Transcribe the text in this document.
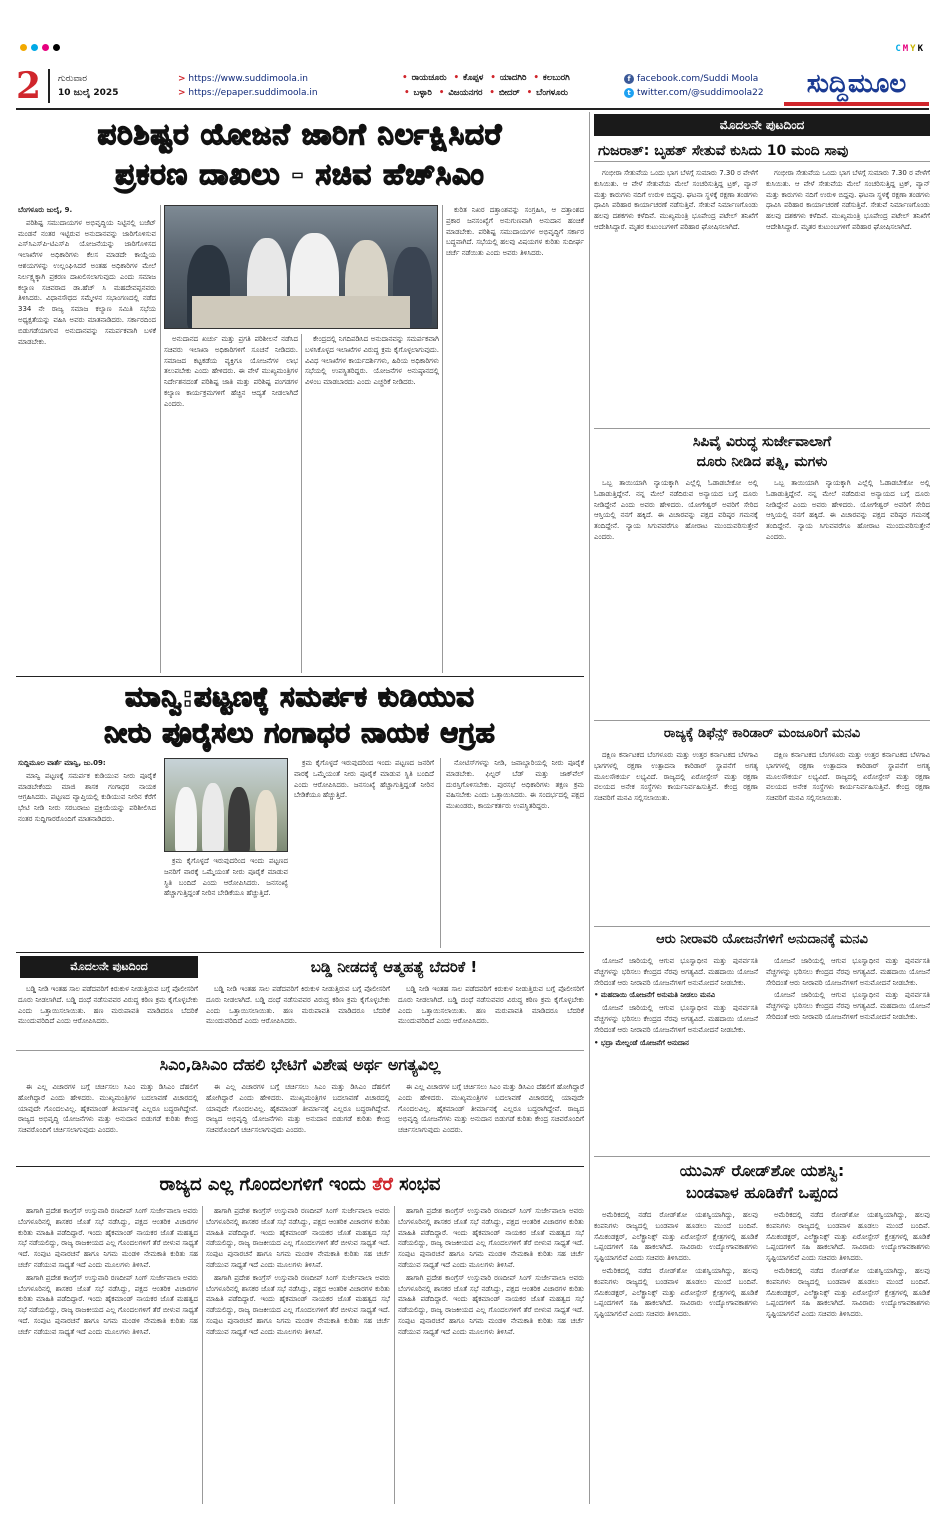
CMYK
2	ಗುರುವಾರ
10 ಜುಲೈ 2025
> https://www.suddimoola.in
> https://epaper.suddimoola.in
• ರಾಯಚೂರು • ಕೊಪ್ಪಳ • ಯಾದಗಿರಿ • ಕಲಬುರಗಿ
• ಬಳ್ಳಾರಿ • ವಿಜಯನಗರ • ಬೀದರ್ • ಬೆಂಗಳೂರು
f facebook.com/Suddi Moola
t twitter.com/@suddimoola22	ಸುದ್ದಿಮೂಲ
ಪರಿಶಿಷ್ಟರ ಯೋಜನೆ ಜಾರಿಗೆ ನಿರ್ಲಕ್ಷಿಸಿದರೆ
ಪ್ರಕರಣ ದಾಖಲು - ಸಚಿವ ಹೆಚ್‌ಸಿಎಂ

ಬೆಂಗಳೂರು ಜುಲೈ, 9.

ಪರಿಶಿಷ್ಟ ಸಮುದಾಯಗಳ ಅಭಿವೃದ್ಧಿಯ ನಿಟ್ಟಿನಲ್ಲಿ ಬಜೆಟ್ ಮಂಡನೆ ನಂತರ ಇಟ್ಟಿರುವ ಅನುದಾನವನ್ನು ಜಾರಿಗೊಳಿಸುವ ಎಸ್‌ಸಿಎಸ್‌ಪಿ-ಟಿಎಸ್‌ಪಿ ಯೋಜನೆಯನ್ನು ಜಾರಿಗೊಳಿಸದ ಇಲಾಖೆಗಳ ಅಧಿಕಾರಿಗಳು ಕೆಲಸ ಮಾಡದೇ ಕಾಯ್ದೆಯ ಆಶಯಗಳನ್ನು ಉಲ್ಲಂಘಿಸಿದರೆ ಅಂತಹ ಅಧಿಕಾರಿಗಳ ಮೇಲೆ ನಿರ್ಲಕ್ಷ್ಯಕ್ಕಾಗಿ ಪ್ರಕರಣ ದಾಖಲಿಸಲಾಗುವುದು ಎಂದು ಸಮಾಜ ಕಲ್ಯಾಣ ಸಚಿವರಾದ ಡಾ.ಹೆಚ್ ಸಿ ಮಹದೇವಪ್ಪನವರು ತಿಳಿಸಿದರು. ವಿಧಾನಸೌಧದ ಸಮ್ಮೇಳನ ಸಭಾಂಗಣದಲ್ಲಿ ನಡೆದ 334 ನೇ ರಾಜ್ಯ ಸಮಾಜ ಕಲ್ಯಾಣ ಸಮಿತಿ ಸಭೆಯ ಅಧ್ಯಕ್ಷತೆಯನ್ನು ವಹಿಸಿ ಅವರು ಮಾತನಾಡಿದರು. ಸರ್ಕಾರದಿಂದ ಬಿಡುಗಡೆಯಾಗುವ ಅನುದಾನವನ್ನು ಸಮರ್ಪಕವಾಗಿ ಬಳಕೆ ಮಾಡಬೇಕು.	ಅನುದಾನದ ಖರ್ಚು ಮತ್ತು ಪ್ರಗತಿ ಪರಿಶೀಲನೆ ನಡೆಸಿದ ಸಚಿವರು ಇಲಾಖಾ ಅಧಿಕಾರಿಗಳಿಗೆ ಸೂಚನೆ ನೀಡಿದರು. ಸಮಾಜದ ಕಟ್ಟಕಡೆಯ ವ್ಯಕ್ತಿಗೂ ಯೋಜನೆಗಳ ಲಾಭ ತಲುಪಬೇಕು ಎಂದು ಹೇಳಿದರು. ಈ ವೇಳೆ ಮುಖ್ಯಮಂತ್ರಿಗಳ ನಿರ್ದೇಶನದಂತೆ ಪರಿಶಿಷ್ಟ ಜಾತಿ ಮತ್ತು ಪರಿಶಿಷ್ಟ ಪಂಗಡಗಳ ಕಲ್ಯಾಣ ಕಾರ್ಯಕ್ರಮಗಳಿಗೆ ಹೆಚ್ಚಿನ ಆದ್ಯತೆ ನೀಡಲಾಗಿದೆ ಎಂದರು.

ಕೇಂದ್ರದಲ್ಲಿ ನಿಗದಿಪಡಿಸಿದ ಅನುದಾನವನ್ನು ಸಮರ್ಪಕವಾಗಿ ಬಳಸಿಕೊಳ್ಳದ ಇಲಾಖೆಗಳ ವಿರುದ್ಧ ಕ್ರಮ ಕೈಗೊಳ್ಳಲಾಗುವುದು. ವಿವಿಧ ಇಲಾಖೆಗಳ ಕಾರ್ಯದರ್ಶಿಗಳು, ಹಿರಿಯ ಅಧಿಕಾರಿಗಳು ಸಭೆಯಲ್ಲಿ ಉಪಸ್ಥಿತರಿದ್ದರು. ಯೋಜನೆಗಳ ಅನುಷ್ಠಾನದಲ್ಲಿ ವಿಳಂಬ ಮಾಡಬಾರದು ಎಂದು ಎಚ್ಚರಿಕೆ ನೀಡಿದರು.

ಕುರಿತ ನಿಖರ ದತ್ತಾಂಶವನ್ನು ಸಂಗ್ರಹಿಸಿ, ಆ ದತ್ತಾಂಶದ ಪ್ರಕಾರ ಜನಸಂಖ್ಯೆಗೆ ಅನುಗುಣವಾಗಿ ಅನುದಾನ ಹಂಚಿಕೆ ಮಾಡಬೇಕು. ಪರಿಶಿಷ್ಟ ಸಮುದಾಯಗಳ ಅಭಿವೃದ್ಧಿಗೆ ಸರ್ಕಾರ ಬದ್ಧವಾಗಿದೆ. ಸಭೆಯಲ್ಲಿ ಹಲವು ವಿಷಯಗಳ ಕುರಿತು ಸುದೀರ್ಘ ಚರ್ಚೆ ನಡೆಯಿತು ಎಂದು ಅವರು ತಿಳಿಸಿದರು.

ಮೊದಲನೇ ಪುಟದಿಂದ
ಗುಜರಾತ್: ಬೃಹತ್ ಸೇತುವೆ ಕುಸಿದು 10 ಮಂದಿ ಸಾವು

ಗಂಭೀರಾ ಸೇತುವೆಯ ಒಂದು ಭಾಗ ಬೆಳಗ್ಗೆ ಸುಮಾರು 7.30 ರ ವೇಳೆಗೆ ಕುಸಿಯಿತು. ಆ ವೇಳೆ ಸೇತುವೆಯ ಮೇಲೆ ಸಂಚರಿಸುತ್ತಿದ್ದ ಟ್ರಕ್, ವ್ಯಾನ್ ಮತ್ತು ಕಾರುಗಳು ನದಿಗೆ ಉರುಳಿ ಬಿದ್ದವು. ಘಟನಾ ಸ್ಥಳಕ್ಕೆ ರಕ್ಷಣಾ ತಂಡಗಳು ಧಾವಿಸಿ ಪರಿಹಾರ ಕಾರ್ಯಾಚರಣೆ ನಡೆಸುತ್ತಿವೆ. ಸೇತುವೆ ನಿರ್ಮಾಣಗೊಂಡು ಹಲವು ದಶಕಗಳು ಕಳೆದಿವೆ. ಮುಖ್ಯಮಂತ್ರಿ ಭೂಪೇಂದ್ರ ಪಟೇಲ್ ತನಿಖೆಗೆ ಆದೇಶಿಸಿದ್ದಾರೆ. ಮೃತರ ಕುಟುಂಬಗಳಿಗೆ ಪರಿಹಾರ ಘೋಷಿಸಲಾಗಿದೆ.

ಗಂಭೀರಾ ಸೇತುವೆಯ ಒಂದು ಭಾಗ ಬೆಳಗ್ಗೆ ಸುಮಾರು 7.30 ರ ವೇಳೆಗೆ ಕುಸಿಯಿತು. ಆ ವೇಳೆ ಸೇತುವೆಯ ಮೇಲೆ ಸಂಚರಿಸುತ್ತಿದ್ದ ಟ್ರಕ್, ವ್ಯಾನ್ ಮತ್ತು ಕಾರುಗಳು ನದಿಗೆ ಉರುಳಿ ಬಿದ್ದವು. ಘಟನಾ ಸ್ಥಳಕ್ಕೆ ರಕ್ಷಣಾ ತಂಡಗಳು ಧಾವಿಸಿ ಪರಿಹಾರ ಕಾರ್ಯಾಚರಣೆ ನಡೆಸುತ್ತಿವೆ. ಸೇತುವೆ ನಿರ್ಮಾಣಗೊಂಡು ಹಲವು ದಶಕಗಳು ಕಳೆದಿವೆ. ಮುಖ್ಯಮಂತ್ರಿ ಭೂಪೇಂದ್ರ ಪಟೇಲ್ ತನಿಖೆಗೆ ಆದೇಶಿಸಿದ್ದಾರೆ. ಮೃತರ ಕುಟುಂಬಗಳಿಗೆ ಪರಿಹಾರ ಘೋಷಿಸಲಾಗಿದೆ.

ಸಿಪಿವೈ ವಿರುದ್ಧ ಸುರ್ಜೇವಾಲಾಗೆ
ದೂರು ನೀಡಿದ ಪತ್ನಿ, ಮಗಳು

ಒಬ್ಬ ತಾಯಿಯಾಗಿ ನ್ಯಾಯಕ್ಕಾಗಿ ಎಲ್ಲೆಲ್ಲಿ ಓಡಾಡಬೇಕೋ ಅಲ್ಲಿ ಓಡಾಡುತ್ತಿದ್ದೇನೆ. ನನ್ನ ಮೇಲೆ ನಡೆದಿರುವ ಅನ್ಯಾಯದ ಬಗ್ಗೆ ದೂರು ನೀಡಿದ್ದೇನೆ ಎಂದು ಅವರು ಹೇಳಿದರು. ಯೋಗೇಶ್ವರ್ ಅವರಿಗೆ ಸೇರಿದ ಆಸ್ತಿಯಲ್ಲಿ ನನಗೆ ಹಕ್ಕಿದೆ. ಈ ವಿಚಾರವನ್ನು ಪಕ್ಷದ ವರಿಷ್ಠರ ಗಮನಕ್ಕೆ ತಂದಿದ್ದೇನೆ. ನ್ಯಾಯ ಸಿಗುವವರೆಗೂ ಹೋರಾಟ ಮುಂದುವರಿಸುತ್ತೇನೆ ಎಂದರು.

ಒಬ್ಬ ತಾಯಿಯಾಗಿ ನ್ಯಾಯಕ್ಕಾಗಿ ಎಲ್ಲೆಲ್ಲಿ ಓಡಾಡಬೇಕೋ ಅಲ್ಲಿ ಓಡಾಡುತ್ತಿದ್ದೇನೆ. ನನ್ನ ಮೇಲೆ ನಡೆದಿರುವ ಅನ್ಯಾಯದ ಬಗ್ಗೆ ದೂರು ನೀಡಿದ್ದೇನೆ ಎಂದು ಅವರು ಹೇಳಿದರು. ಯೋಗೇಶ್ವರ್ ಅವರಿಗೆ ಸೇರಿದ ಆಸ್ತಿಯಲ್ಲಿ ನನಗೆ ಹಕ್ಕಿದೆ. ಈ ವಿಚಾರವನ್ನು ಪಕ್ಷದ ವರಿಷ್ಠರ ಗಮನಕ್ಕೆ ತಂದಿದ್ದೇನೆ. ನ್ಯಾಯ ಸಿಗುವವರೆಗೂ ಹೋರಾಟ ಮುಂದುವರಿಸುತ್ತೇನೆ ಎಂದರು.

ರಾಜ್ಯಕ್ಕೆ ಡಿಫೆನ್ಸ್ ಕಾರಿಡಾರ್ ಮಂಜೂರಿಗೆ ಮನವಿ

ದಕ್ಷಿಣ ಕರ್ನಾಟಕದ ಬೆಂಗಳೂರು ಮತ್ತು ಉತ್ತರ ಕರ್ನಾಟಕದ ಬೆಳಗಾವಿ ಭಾಗಗಳಲ್ಲಿ ರಕ್ಷಣಾ ಉತ್ಪಾದನಾ ಕಾರಿಡಾರ್ ಸ್ಥಾಪನೆಗೆ ಅಗತ್ಯ ಮೂಲಸೌಕರ್ಯ ಲಭ್ಯವಿದೆ. ರಾಜ್ಯದಲ್ಲಿ ಏರೋಸ್ಪೇಸ್ ಮತ್ತು ರಕ್ಷಣಾ ವಲಯದ ಅನೇಕ ಸಂಸ್ಥೆಗಳು ಕಾರ್ಯನಿರ್ವಹಿಸುತ್ತಿವೆ. ಕೇಂದ್ರ ರಕ್ಷಣಾ ಸಚಿವರಿಗೆ ಮನವಿ ಸಲ್ಲಿಸಲಾಯಿತು.

ದಕ್ಷಿಣ ಕರ್ನಾಟಕದ ಬೆಂಗಳೂರು ಮತ್ತು ಉತ್ತರ ಕರ್ನಾಟಕದ ಬೆಳಗಾವಿ ಭಾಗಗಳಲ್ಲಿ ರಕ್ಷಣಾ ಉತ್ಪಾದನಾ ಕಾರಿಡಾರ್ ಸ್ಥಾಪನೆಗೆ ಅಗತ್ಯ ಮೂಲಸೌಕರ್ಯ ಲಭ್ಯವಿದೆ. ರಾಜ್ಯದಲ್ಲಿ ಏರೋಸ್ಪೇಸ್ ಮತ್ತು ರಕ್ಷಣಾ ವಲಯದ ಅನೇಕ ಸಂಸ್ಥೆಗಳು ಕಾರ್ಯನಿರ್ವಹಿಸುತ್ತಿವೆ. ಕೇಂದ್ರ ರಕ್ಷಣಾ ಸಚಿವರಿಗೆ ಮನವಿ ಸಲ್ಲಿಸಲಾಯಿತು.

ಆರು ನೀರಾವರಿ ಯೋಜನೆಗಳಿಗೆ ಅನುದಾನಕ್ಕೆ ಮನವಿ

ಯೋಜನೆ ಜಾರಿಯಲ್ಲಿ ಆಗುವ ಭೂಸ್ವಾಧೀನ ಮತ್ತು ಪುನರ್ವಸತಿ ವೆಚ್ಚಗಳನ್ನು ಭರಿಸಲು ಕೇಂದ್ರದ ನೆರವು ಅಗತ್ಯವಿದೆ. ಮಹದಾಯಿ ಯೋಜನೆ ಸೇರಿದಂತೆ ಆರು ನೀರಾವರಿ ಯೋಜನೆಗಳಿಗೆ ಅನುಮೋದನೆ ನೀಡಬೇಕು.

• ಮಹದಾಯಿ ಯೋಜನೆಗೆ ಅನುಮತಿ ನೀಡಲು ಮನವಿ

ಯೋಜನೆ ಜಾರಿಯಲ್ಲಿ ಆಗುವ ಭೂಸ್ವಾಧೀನ ಮತ್ತು ಪುನರ್ವಸತಿ ವೆಚ್ಚಗಳನ್ನು ಭರಿಸಲು ಕೇಂದ್ರದ ನೆರವು ಅಗತ್ಯವಿದೆ. ಮಹದಾಯಿ ಯೋಜನೆ ಸೇರಿದಂತೆ ಆರು ನೀರಾವರಿ ಯೋಜನೆಗಳಿಗೆ ಅನುಮೋದನೆ ನೀಡಬೇಕು.

• ಭದ್ರಾ ಮೇಲ್ದಂಡೆ ಯೋಜನೆಗೆ ಅನುದಾನ

ಯೋಜನೆ ಜಾರಿಯಲ್ಲಿ ಆಗುವ ಭೂಸ್ವಾಧೀನ ಮತ್ತು ಪುನರ್ವಸತಿ ವೆಚ್ಚಗಳನ್ನು ಭರಿಸಲು ಕೇಂದ್ರದ ನೆರವು ಅಗತ್ಯವಿದೆ. ಮಹದಾಯಿ ಯೋಜನೆ ಸೇರಿದಂತೆ ಆರು ನೀರಾವರಿ ಯೋಜನೆಗಳಿಗೆ ಅನುಮೋದನೆ ನೀಡಬೇಕು.

ಯೋಜನೆ ಜಾರಿಯಲ್ಲಿ ಆಗುವ ಭೂಸ್ವಾಧೀನ ಮತ್ತು ಪುನರ್ವಸತಿ ವೆಚ್ಚಗಳನ್ನು ಭರಿಸಲು ಕೇಂದ್ರದ ನೆರವು ಅಗತ್ಯವಿದೆ. ಮಹದಾಯಿ ಯೋಜನೆ ಸೇರಿದಂತೆ ಆರು ನೀರಾವರಿ ಯೋಜನೆಗಳಿಗೆ ಅನುಮೋದನೆ ನೀಡಬೇಕು.

ಯುಎಸ್ ರೋಡ್‌ಶೋ ಯಶಸ್ವಿ:
ಬಂಡವಾಳ ಹೂಡಿಕೆಗೆ ಒಪ್ಪಂದ

ಅಮೆರಿಕದಲ್ಲಿ ನಡೆದ ರೋಡ್‌ಶೋ ಯಶಸ್ವಿಯಾಗಿದ್ದು, ಹಲವು ಕಂಪನಿಗಳು ರಾಜ್ಯದಲ್ಲಿ ಬಂಡವಾಳ ಹೂಡಲು ಮುಂದೆ ಬಂದಿವೆ. ಸೆಮಿಕಂಡಕ್ಟರ್, ಎಲೆಕ್ಟ್ರಾನಿಕ್ಸ್ ಮತ್ತು ಏರೋಸ್ಪೇಸ್ ಕ್ಷೇತ್ರಗಳಲ್ಲಿ ಹೂಡಿಕೆ ಒಪ್ಪಂದಗಳಿಗೆ ಸಹಿ ಹಾಕಲಾಗಿದೆ. ಸಾವಿರಾರು ಉದ್ಯೋಗಾವಕಾಶಗಳು ಸೃಷ್ಟಿಯಾಗಲಿವೆ ಎಂದು ಸಚಿವರು ತಿಳಿಸಿದರು.

ಅಮೆರಿಕದಲ್ಲಿ ನಡೆದ ರೋಡ್‌ಶೋ ಯಶಸ್ವಿಯಾಗಿದ್ದು, ಹಲವು ಕಂಪನಿಗಳು ರಾಜ್ಯದಲ್ಲಿ ಬಂಡವಾಳ ಹೂಡಲು ಮುಂದೆ ಬಂದಿವೆ. ಸೆಮಿಕಂಡಕ್ಟರ್, ಎಲೆಕ್ಟ್ರಾನಿಕ್ಸ್ ಮತ್ತು ಏರೋಸ್ಪೇಸ್ ಕ್ಷೇತ್ರಗಳಲ್ಲಿ ಹೂಡಿಕೆ ಒಪ್ಪಂದಗಳಿಗೆ ಸಹಿ ಹಾಕಲಾಗಿದೆ. ಸಾವಿರಾರು ಉದ್ಯೋಗಾವಕಾಶಗಳು ಸೃಷ್ಟಿಯಾಗಲಿವೆ ಎಂದು ಸಚಿವರು ತಿಳಿಸಿದರು.

ಅಮೆರಿಕದಲ್ಲಿ ನಡೆದ ರೋಡ್‌ಶೋ ಯಶಸ್ವಿಯಾಗಿದ್ದು, ಹಲವು ಕಂಪನಿಗಳು ರಾಜ್ಯದಲ್ಲಿ ಬಂಡವಾಳ ಹೂಡಲು ಮುಂದೆ ಬಂದಿವೆ. ಸೆಮಿಕಂಡಕ್ಟರ್, ಎಲೆಕ್ಟ್ರಾನಿಕ್ಸ್ ಮತ್ತು ಏರೋಸ್ಪೇಸ್ ಕ್ಷೇತ್ರಗಳಲ್ಲಿ ಹೂಡಿಕೆ ಒಪ್ಪಂದಗಳಿಗೆ ಸಹಿ ಹಾಕಲಾಗಿದೆ. ಸಾವಿರಾರು ಉದ್ಯೋಗಾವಕಾಶಗಳು ಸೃಷ್ಟಿಯಾಗಲಿವೆ ಎಂದು ಸಚಿವರು ತಿಳಿಸಿದರು.

ಅಮೆರಿಕದಲ್ಲಿ ನಡೆದ ರೋಡ್‌ಶೋ ಯಶಸ್ವಿಯಾಗಿದ್ದು, ಹಲವು ಕಂಪನಿಗಳು ರಾಜ್ಯದಲ್ಲಿ ಬಂಡವಾಳ ಹೂಡಲು ಮುಂದೆ ಬಂದಿವೆ. ಸೆಮಿಕಂಡಕ್ಟರ್, ಎಲೆಕ್ಟ್ರಾನಿಕ್ಸ್ ಮತ್ತು ಏರೋಸ್ಪೇಸ್ ಕ್ಷೇತ್ರಗಳಲ್ಲಿ ಹೂಡಿಕೆ ಒಪ್ಪಂದಗಳಿಗೆ ಸಹಿ ಹಾಕಲಾಗಿದೆ. ಸಾವಿರಾರು ಉದ್ಯೋಗಾವಕಾಶಗಳು ಸೃಷ್ಟಿಯಾಗಲಿವೆ ಎಂದು ಸಚಿವರು ತಿಳಿಸಿದರು.

ಮಾನ್ವಿ:ಪಟ್ಟಣಕ್ಕೆ ಸಮರ್ಪಕ ಕುಡಿಯುವ
ನೀರು ಪೂರೈಸಲು ಗಂಗಾಧರ ನಾಯಕ ಆಗ್ರಹ

ಸುದ್ದಿಮೂಲ ವಾರ್ತೆ ಮಾನ್ವಿ, ಜು.09:

ಮಾನ್ವಿ ಪಟ್ಟಣಕ್ಕೆ ಸಮರ್ಪಕ ಕುಡಿಯುವ ನೀರು ಪೂರೈಕೆ ಮಾಡಬೇಕೆಂದು ಮಾಜಿ ಶಾಸಕ ಗಂಗಾಧರ ನಾಯಕ ಆಗ್ರಹಿಸಿದರು. ಪಟ್ಟಣದ ವ್ಯಾಪ್ತಿಯಲ್ಲಿ ಕುಡಿಯುವ ನೀರಿನ ಕೆರೆಗೆ ಭೇಟಿ ನೀಡಿ ನೀರು ಸರಬರಾಜು ಪ್ರಕ್ರಿಯೆಯನ್ನು ಪರಿಶೀಲಿಸಿದ ನಂತರ ಸುದ್ದಿಗಾರರೊಂದಿಗೆ ಮಾತನಾಡಿದರು.

ಕ್ರಮ ಕೈಗೊಳ್ಳದೆ ಇರುವುದರಿಂದ ಇಂದು ಪಟ್ಟಣದ ಜನರಿಗೆ ವಾರಕ್ಕೆ ಒಮ್ಮೆಯಂತೆ ನೀರು ಪೂರೈಕೆ ಮಾಡುವ ಸ್ಥಿತಿ ಬಂದಿದೆ ಎಂದು ಆರೋಪಿಸಿದರು. ಜನಸಂಖ್ಯೆ ಹೆಚ್ಚಾಗುತ್ತಿದ್ದಂತೆ ನೀರಿನ ಬೇಡಿಕೆಯೂ ಹೆಚ್ಚುತ್ತಿದೆ.

ಕ್ರಮ ಕೈಗೊಳ್ಳದೆ ಇರುವುದರಿಂದ ಇಂದು ಪಟ್ಟಣದ ಜನರಿಗೆ ವಾರಕ್ಕೆ ಒಮ್ಮೆಯಂತೆ ನೀರು ಪೂರೈಕೆ ಮಾಡುವ ಸ್ಥಿತಿ ಬಂದಿದೆ ಎಂದು ಆರೋಪಿಸಿದರು. ಜನಸಂಖ್ಯೆ ಹೆಚ್ಚಾಗುತ್ತಿದ್ದಂತೆ ನೀರಿನ ಬೇಡಿಕೆಯೂ ಹೆಚ್ಚುತ್ತಿದೆ.

ನೋಟಿಸ್‌ಗಳನ್ನು ನೀಡಿ, ಜವಾಬ್ದಾರಿಯಲ್ಲಿ ನೀರು ಪೂರೈಕೆ ಮಾಡಬೇಕು. ಫಿಲ್ಟರ್ ಬೆಡ್ ಮತ್ತು ಜಾಕ್‌ವೆಲ್ ದುರಸ್ತಿಗೊಳಿಸಬೇಕು. ಪುರಸಭೆ ಅಧಿಕಾರಿಗಳು ತಕ್ಷಣ ಕ್ರಮ ವಹಿಸಬೇಕು ಎಂದು ಒತ್ತಾಯಿಸಿದರು. ಈ ಸಂದರ್ಭದಲ್ಲಿ ಪಕ್ಷದ ಮುಖಂಡರು, ಕಾರ್ಯಕರ್ತರು ಉಪಸ್ಥಿತರಿದ್ದರು.

ಮೊದಲನೇ ಪುಟದಿಂದ	ಬಡ್ಡಿ ನೀಡದಕ್ಕೆ ಆತ್ಮಹತ್ಯೆ ಬೆದರಿಕೆ !

ಬಡ್ಡಿ ನೀಡಿ ಇಂತಹ ಸಾಲ ಪಡೆದವರಿಗೆ ಕಿರುಕುಳ ನೀಡುತ್ತಿರುವ ಬಗ್ಗೆ ಪೊಲೀಸರಿಗೆ ದೂರು ನೀಡಲಾಗಿದೆ. ಬಡ್ಡಿ ದಂಧೆ ನಡೆಸುವವರ ವಿರುದ್ಧ ಕಠಿಣ ಕ್ರಮ ಕೈಗೊಳ್ಳಬೇಕು ಎಂದು ಒತ್ತಾಯಿಸಲಾಯಿತು. ಹಣ ಮರುಪಾವತಿ ಮಾಡಿದರೂ ಬೆದರಿಕೆ ಮುಂದುವರಿದಿದೆ ಎಂದು ಆರೋಪಿಸಿದರು.

ಬಡ್ಡಿ ನೀಡಿ ಇಂತಹ ಸಾಲ ಪಡೆದವರಿಗೆ ಕಿರುಕುಳ ನೀಡುತ್ತಿರುವ ಬಗ್ಗೆ ಪೊಲೀಸರಿಗೆ ದೂರು ನೀಡಲಾಗಿದೆ. ಬಡ್ಡಿ ದಂಧೆ ನಡೆಸುವವರ ವಿರುದ್ಧ ಕಠಿಣ ಕ್ರಮ ಕೈಗೊಳ್ಳಬೇಕು ಎಂದು ಒತ್ತಾಯಿಸಲಾಯಿತು. ಹಣ ಮರುಪಾವತಿ ಮಾಡಿದರೂ ಬೆದರಿಕೆ ಮುಂದುವರಿದಿದೆ ಎಂದು ಆರೋಪಿಸಿದರು.

ಬಡ್ಡಿ ನೀಡಿ ಇಂತಹ ಸಾಲ ಪಡೆದವರಿಗೆ ಕಿರುಕುಳ ನೀಡುತ್ತಿರುವ ಬಗ್ಗೆ ಪೊಲೀಸರಿಗೆ ದೂರು ನೀಡಲಾಗಿದೆ. ಬಡ್ಡಿ ದಂಧೆ ನಡೆಸುವವರ ವಿರುದ್ಧ ಕಠಿಣ ಕ್ರಮ ಕೈಗೊಳ್ಳಬೇಕು ಎಂದು ಒತ್ತಾಯಿಸಲಾಯಿತು. ಹಣ ಮರುಪಾವತಿ ಮಾಡಿದರೂ ಬೆದರಿಕೆ ಮುಂದುವರಿದಿದೆ ಎಂದು ಆರೋಪಿಸಿದರು.

ಸಿಎಂ,ಡಿಸಿಎಂ ದೆಹಲಿ ಭೇಟಿಗೆ ವಿಶೇಷ ಅರ್ಥ ಅಗತ್ಯವಿಲ್ಲ

ಈ ಎಲ್ಲ ವಿಚಾರಗಳ ಬಗ್ಗೆ ಚರ್ಚಿಸಲು ಸಿಎಂ ಮತ್ತು ಡಿಸಿಎಂ ದೆಹಲಿಗೆ ಹೋಗಿದ್ದಾರೆ ಎಂದು ಹೇಳಿದರು. ಮುಖ್ಯಮಂತ್ರಿಗಳ ಬದಲಾವಣೆ ವಿಚಾರದಲ್ಲಿ ಯಾವುದೇ ಗೊಂದಲವಿಲ್ಲ. ಹೈಕಮಾಂಡ್ ತೀರ್ಮಾನಕ್ಕೆ ಎಲ್ಲರೂ ಬದ್ಧರಾಗಿದ್ದೇವೆ. ರಾಜ್ಯದ ಅಭಿವೃದ್ಧಿ ಯೋಜನೆಗಳು ಮತ್ತು ಅನುದಾನ ಬಿಡುಗಡೆ ಕುರಿತು ಕೇಂದ್ರ ಸಚಿವರೊಂದಿಗೆ ಚರ್ಚಿಸಲಾಗುವುದು ಎಂದರು.

ಈ ಎಲ್ಲ ವಿಚಾರಗಳ ಬಗ್ಗೆ ಚರ್ಚಿಸಲು ಸಿಎಂ ಮತ್ತು ಡಿಸಿಎಂ ದೆಹಲಿಗೆ ಹೋಗಿದ್ದಾರೆ ಎಂದು ಹೇಳಿದರು. ಮುಖ್ಯಮಂತ್ರಿಗಳ ಬದಲಾವಣೆ ವಿಚಾರದಲ್ಲಿ ಯಾವುದೇ ಗೊಂದಲವಿಲ್ಲ. ಹೈಕಮಾಂಡ್ ತೀರ್ಮಾನಕ್ಕೆ ಎಲ್ಲರೂ ಬದ್ಧರಾಗಿದ್ದೇವೆ. ರಾಜ್ಯದ ಅಭಿವೃದ್ಧಿ ಯೋಜನೆಗಳು ಮತ್ತು ಅನುದಾನ ಬಿಡುಗಡೆ ಕುರಿತು ಕೇಂದ್ರ ಸಚಿವರೊಂದಿಗೆ ಚರ್ಚಿಸಲಾಗುವುದು ಎಂದರು.

ಈ ಎಲ್ಲ ವಿಚಾರಗಳ ಬಗ್ಗೆ ಚರ್ಚಿಸಲು ಸಿಎಂ ಮತ್ತು ಡಿಸಿಎಂ ದೆಹಲಿಗೆ ಹೋಗಿದ್ದಾರೆ ಎಂದು ಹೇಳಿದರು. ಮುಖ್ಯಮಂತ್ರಿಗಳ ಬದಲಾವಣೆ ವಿಚಾರದಲ್ಲಿ ಯಾವುದೇ ಗೊಂದಲವಿಲ್ಲ. ಹೈಕಮಾಂಡ್ ತೀರ್ಮಾನಕ್ಕೆ ಎಲ್ಲರೂ ಬದ್ಧರಾಗಿದ್ದೇವೆ. ರಾಜ್ಯದ ಅಭಿವೃದ್ಧಿ ಯೋಜನೆಗಳು ಮತ್ತು ಅನುದಾನ ಬಿಡುಗಡೆ ಕುರಿತು ಕೇಂದ್ರ ಸಚಿವರೊಂದಿಗೆ ಚರ್ಚಿಸಲಾಗುವುದು ಎಂದರು.

ರಾಜ್ಯದ ಎಲ್ಲ ಗೊಂದಲಗಳಿಗೆ ಇಂದು ತೆರೆ ಸಂಭವ

ಹಾಗಾಗಿ ಪ್ರದೇಶ ಕಾಂಗ್ರೆಸ್ ಉಸ್ತುವಾರಿ ರಣದೀಪ್ ಸಿಂಗ್ ಸುರ್ಜೇವಾಲಾ ಅವರು ಬೆಂಗಳೂರಿನಲ್ಲಿ ಶಾಸಕರ ಜೊತೆ ಸಭೆ ನಡೆಸಿದ್ದು, ಪಕ್ಷದ ಆಂತರಿಕ ವಿಚಾರಗಳ ಕುರಿತು ಮಾಹಿತಿ ಪಡೆದಿದ್ದಾರೆ. ಇಂದು ಹೈಕಮಾಂಡ್ ನಾಯಕರ ಜೊತೆ ಮಹತ್ವದ ಸಭೆ ನಡೆಯಲಿದ್ದು, ರಾಜ್ಯ ರಾಜಕೀಯದ ಎಲ್ಲ ಗೊಂದಲಗಳಿಗೆ ತೆರೆ ಬೀಳುವ ಸಾಧ್ಯತೆ ಇದೆ. ಸಂಪುಟ ಪುನಾರಚನೆ ಹಾಗೂ ನಿಗಮ ಮಂಡಳಿ ನೇಮಕಾತಿ ಕುರಿತು ಸಹ ಚರ್ಚೆ ನಡೆಯುವ ಸಾಧ್ಯತೆ ಇದೆ ಎಂದು ಮೂಲಗಳು ತಿಳಿಸಿವೆ.

ಹಾಗಾಗಿ ಪ್ರದೇಶ ಕಾಂಗ್ರೆಸ್ ಉಸ್ತುವಾರಿ ರಣದೀಪ್ ಸಿಂಗ್ ಸುರ್ಜೇವಾಲಾ ಅವರು ಬೆಂಗಳೂರಿನಲ್ಲಿ ಶಾಸಕರ ಜೊತೆ ಸಭೆ ನಡೆಸಿದ್ದು, ಪಕ್ಷದ ಆಂತರಿಕ ವಿಚಾರಗಳ ಕುರಿತು ಮಾಹಿತಿ ಪಡೆದಿದ್ದಾರೆ. ಇಂದು ಹೈಕಮಾಂಡ್ ನಾಯಕರ ಜೊತೆ ಮಹತ್ವದ ಸಭೆ ನಡೆಯಲಿದ್ದು, ರಾಜ್ಯ ರಾಜಕೀಯದ ಎಲ್ಲ ಗೊಂದಲಗಳಿಗೆ ತೆರೆ ಬೀಳುವ ಸಾಧ್ಯತೆ ಇದೆ. ಸಂಪುಟ ಪುನಾರಚನೆ ಹಾಗೂ ನಿಗಮ ಮಂಡಳಿ ನೇಮಕಾತಿ ಕುರಿತು ಸಹ ಚರ್ಚೆ ನಡೆಯುವ ಸಾಧ್ಯತೆ ಇದೆ ಎಂದು ಮೂಲಗಳು ತಿಳಿಸಿವೆ.

ಹಾಗಾಗಿ ಪ್ರದೇಶ ಕಾಂಗ್ರೆಸ್ ಉಸ್ತುವಾರಿ ರಣದೀಪ್ ಸಿಂಗ್ ಸುರ್ಜೇವಾಲಾ ಅವರು ಬೆಂಗಳೂರಿನಲ್ಲಿ ಶಾಸಕರ ಜೊತೆ ಸಭೆ ನಡೆಸಿದ್ದು, ಪಕ್ಷದ ಆಂತರಿಕ ವಿಚಾರಗಳ ಕುರಿತು ಮಾಹಿತಿ ಪಡೆದಿದ್ದಾರೆ. ಇಂದು ಹೈಕಮಾಂಡ್ ನಾಯಕರ ಜೊತೆ ಮಹತ್ವದ ಸಭೆ ನಡೆಯಲಿದ್ದು, ರಾಜ್ಯ ರಾಜಕೀಯದ ಎಲ್ಲ ಗೊಂದಲಗಳಿಗೆ ತೆರೆ ಬೀಳುವ ಸಾಧ್ಯತೆ ಇದೆ. ಸಂಪುಟ ಪುನಾರಚನೆ ಹಾಗೂ ನಿಗಮ ಮಂಡಳಿ ನೇಮಕಾತಿ ಕುರಿತು ಸಹ ಚರ್ಚೆ ನಡೆಯುವ ಸಾಧ್ಯತೆ ಇದೆ ಎಂದು ಮೂಲಗಳು ತಿಳಿಸಿವೆ.

ಹಾಗಾಗಿ ಪ್ರದೇಶ ಕಾಂಗ್ರೆಸ್ ಉಸ್ತುವಾರಿ ರಣದೀಪ್ ಸಿಂಗ್ ಸುರ್ಜೇವಾಲಾ ಅವರು ಬೆಂಗಳೂರಿನಲ್ಲಿ ಶಾಸಕರ ಜೊತೆ ಸಭೆ ನಡೆಸಿದ್ದು, ಪಕ್ಷದ ಆಂತರಿಕ ವಿಚಾರಗಳ ಕುರಿತು ಮಾಹಿತಿ ಪಡೆದಿದ್ದಾರೆ. ಇಂದು ಹೈಕಮಾಂಡ್ ನಾಯಕರ ಜೊತೆ ಮಹತ್ವದ ಸಭೆ ನಡೆಯಲಿದ್ದು, ರಾಜ್ಯ ರಾಜಕೀಯದ ಎಲ್ಲ ಗೊಂದಲಗಳಿಗೆ ತೆರೆ ಬೀಳುವ ಸಾಧ್ಯತೆ ಇದೆ. ಸಂಪುಟ ಪುನಾರಚನೆ ಹಾಗೂ ನಿಗಮ ಮಂಡಳಿ ನೇಮಕಾತಿ ಕುರಿತು ಸಹ ಚರ್ಚೆ ನಡೆಯುವ ಸಾಧ್ಯತೆ ಇದೆ ಎಂದು ಮೂಲಗಳು ತಿಳಿಸಿವೆ.

ಹಾಗಾಗಿ ಪ್ರದೇಶ ಕಾಂಗ್ರೆಸ್ ಉಸ್ತುವಾರಿ ರಣದೀಪ್ ಸಿಂಗ್ ಸುರ್ಜೇವಾಲಾ ಅವರು ಬೆಂಗಳೂರಿನಲ್ಲಿ ಶಾಸಕರ ಜೊತೆ ಸಭೆ ನಡೆಸಿದ್ದು, ಪಕ್ಷದ ಆಂತರಿಕ ವಿಚಾರಗಳ ಕುರಿತು ಮಾಹಿತಿ ಪಡೆದಿದ್ದಾರೆ. ಇಂದು ಹೈಕಮಾಂಡ್ ನಾಯಕರ ಜೊತೆ ಮಹತ್ವದ ಸಭೆ ನಡೆಯಲಿದ್ದು, ರಾಜ್ಯ ರಾಜಕೀಯದ ಎಲ್ಲ ಗೊಂದಲಗಳಿಗೆ ತೆರೆ ಬೀಳುವ ಸಾಧ್ಯತೆ ಇದೆ. ಸಂಪುಟ ಪುನಾರಚನೆ ಹಾಗೂ ನಿಗಮ ಮಂಡಳಿ ನೇಮಕಾತಿ ಕುರಿತು ಸಹ ಚರ್ಚೆ ನಡೆಯುವ ಸಾಧ್ಯತೆ ಇದೆ ಎಂದು ಮೂಲಗಳು ತಿಳಿಸಿವೆ.

ಹಾಗಾಗಿ ಪ್ರದೇಶ ಕಾಂಗ್ರೆಸ್ ಉಸ್ತುವಾರಿ ರಣದೀಪ್ ಸಿಂಗ್ ಸುರ್ಜೇವಾಲಾ ಅವರು ಬೆಂಗಳೂರಿನಲ್ಲಿ ಶಾಸಕರ ಜೊತೆ ಸಭೆ ನಡೆಸಿದ್ದು, ಪಕ್ಷದ ಆಂತರಿಕ ವಿಚಾರಗಳ ಕುರಿತು ಮಾಹಿತಿ ಪಡೆದಿದ್ದಾರೆ. ಇಂದು ಹೈಕಮಾಂಡ್ ನಾಯಕರ ಜೊತೆ ಮಹತ್ವದ ಸಭೆ ನಡೆಯಲಿದ್ದು, ರಾಜ್ಯ ರಾಜಕೀಯದ ಎಲ್ಲ ಗೊಂದಲಗಳಿಗೆ ತೆರೆ ಬೀಳುವ ಸಾಧ್ಯತೆ ಇದೆ. ಸಂಪುಟ ಪುನಾರಚನೆ ಹಾಗೂ ನಿಗಮ ಮಂಡಳಿ ನೇಮಕಾತಿ ಕುರಿತು ಸಹ ಚರ್ಚೆ ನಡೆಯುವ ಸಾಧ್ಯತೆ ಇದೆ ಎಂದು ಮೂಲಗಳು ತಿಳಿಸಿವೆ.
